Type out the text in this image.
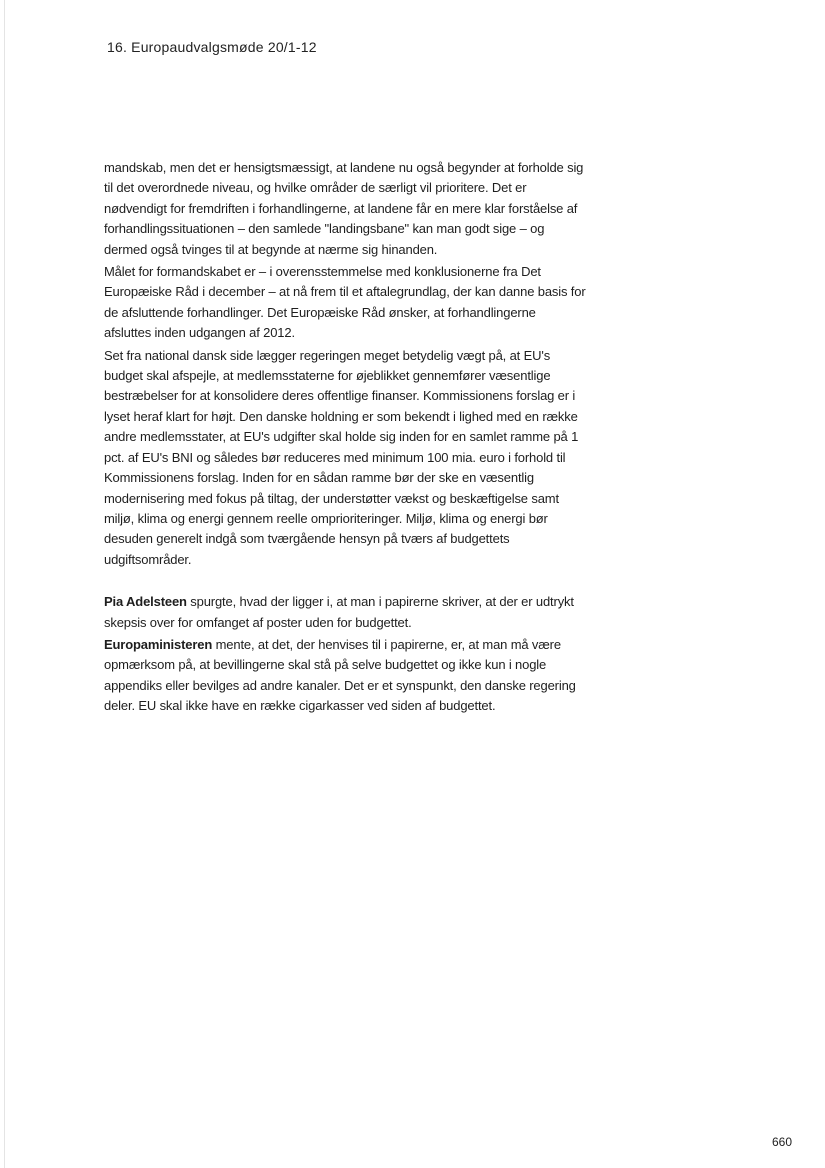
16. Europaudvalgsmøde 20/1-12

mandskab, men det er hensigtsmæssigt, at landene nu også begynder at forholde sig til det overordnede niveau, og hvilke områder de særligt vil prioritere. Det er nødvendigt for fremdriften i forhandlingerne, at landene får en mere klar forståelse af forhandlingssituationen – den samlede "landingsbane" kan man godt sige – og dermed også tvinges til at begynde at nærme sig hinanden.

Målet for formandskabet er – i overensstemmelse med konklusionerne fra Det Europæiske Råd i december – at nå frem til et aftalegrundlag, der kan danne basis for de afsluttende forhandlinger. Det Europæiske Råd ønsker, at forhandlingerne afsluttes inden udgangen af 2012.

Set fra national dansk side lægger regeringen meget betydelig vægt på, at EU's budget skal afspejle, at medlemsstaterne for øjeblikket gennemfører væsentlige bestræbelser for at konsolidere deres offentlige finanser. Kommissionens forslag er i lyset heraf klart for højt. Den danske holdning er som bekendt i lighed med en række andre medlemsstater, at EU's udgifter skal holde sig inden for en samlet ramme på 1 pct. af EU's BNI og således bør reduceres med minimum 100 mia. euro i forhold til Kommissionens forslag. Inden for en sådan ramme bør der ske en væsentlig modernisering med fokus på tiltag, der understøtter vækst og beskæftigelse samt miljø, klima og energi gennem reelle omprioriteringer. Miljø, klima og energi bør desuden generelt indgå som tværgående hensyn på tværs af budgettets udgiftsområder.

Pia Adelsteen spurgte, hvad der ligger i, at man i papirerne skriver, at der er udtrykt skepsis over for omfanget af poster uden for budgettet.

Europaministeren mente, at det, der henvises til i papirerne, er, at man må være opmærksom på, at bevillingerne skal stå på selve budgettet og ikke kun i nogle appendiks eller bevilges ad andre kanaler. Det er et synspunkt, den danske regering deler. EU skal ikke have en række cigarkasser ved siden af budgettet.

660
